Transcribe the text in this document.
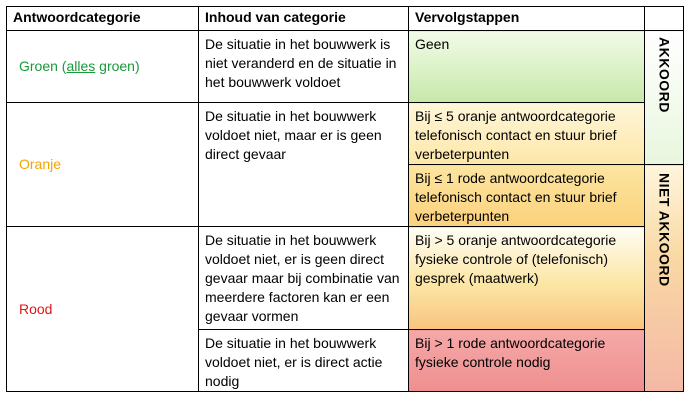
Antwoordcategorie	Inhoud van categorie	Vervolgstappen	
Groen (alles groen)	De situatie in het bouwwerk is niet veranderd en de situatie in het bouwwerk voldoet	Geen	AKKOORD

Oranje	De situatie in het bouwwerk voldoet niet, maar er is geen direct gevaar	Bij ≤ 5 oranje antwoordcategorie telefonisch contact en stuur brief verbeterpunten	
		Bij ≤ 1 rode antwoordcategorie telefonisch contact en stuur brief verbeterpunten	NIET AKKOORD

Rood	De situatie in het bouwwerk voldoet niet, er is geen direct gevaar maar bij combinatie van meerdere factoren kan er een gevaar vormen	Bij > 5 oranje antwoordcategorie fysieke controle of (telefonisch) gesprek (maatwerk)	
	De situatie in het bouwwerk voldoet niet, er is direct actie nodig	Bij > 1 rode antwoordcategorie fysieke controle nodig	
